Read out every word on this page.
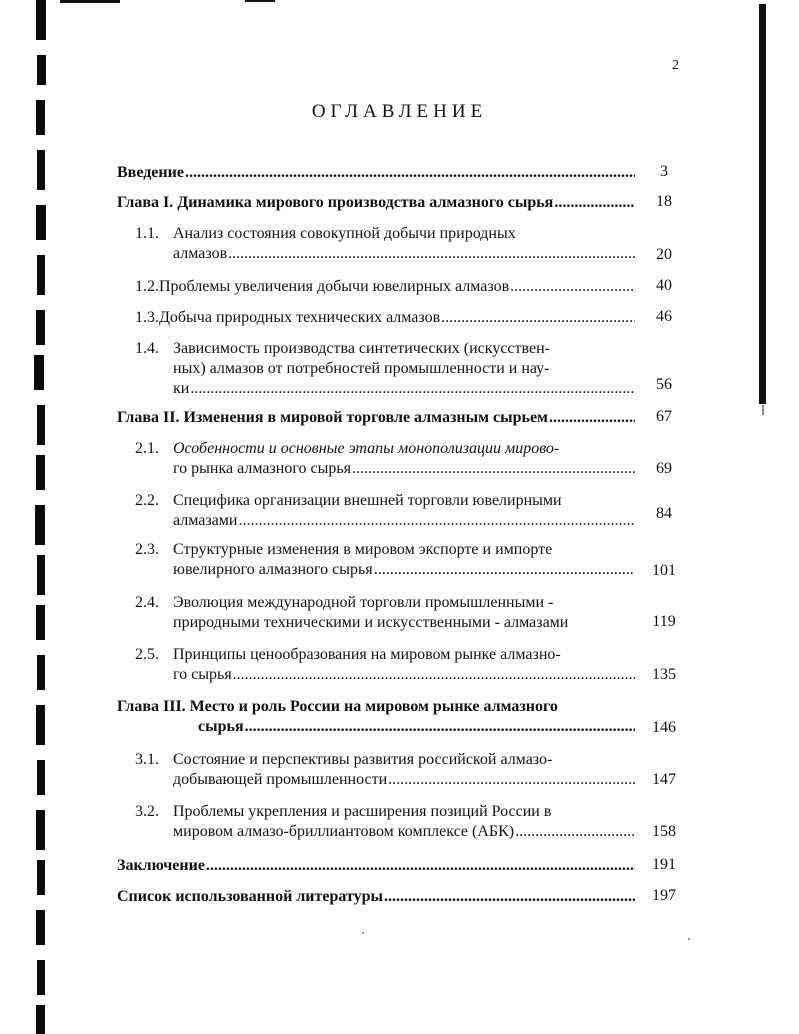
2
ОГЛАВЛЕНИЕ
Введение .....	3
Глава I. Динамика мирового производства алмазного сырья .....	18
1.1. Анализ состояния совокупной добычи природных
алмазов .....	20
1.2. Проблемы увеличения добычи ювелирных алмазов .....	40
1.3. Добыча природных технических алмазов .....	46
1.4. Зависимость производства синтетических (искусствен-
ных) алмазов от потребностей промышленности и нау-
ки .....	56
Глава II. Изменения в мировой торговле алмазным сырьем .....	67
2.1. Особенности и основные этапы монополизации мирово-
го рынка алмазного сырья .....	69
2.2. Специфика организации внешней торговли ювелирными
алмазами .....	84
2.3. Структурные изменения в мировом экспорте и импорте
ювелирного алмазного сырья .....	101
2.4. Эволюция международной торговли промышленными -
природными техническими и искусственными - алмазами	119
2.5. Принципы ценообразования на мировом рынке алмазно-
го сырья .....	135
Глава III. Место и роль России на мировом рынке алмазного
сырья .....	146
3.1. Состояние и перспективы развития российской алмазо-
добывающей промышленности .....	147
3.2. Проблемы укрепления и расширения позиций России в
мировом алмазо-бриллиантовом комплексе (АБК) .....	158
Заключение .....	191
Список использованной литературы .....	197
